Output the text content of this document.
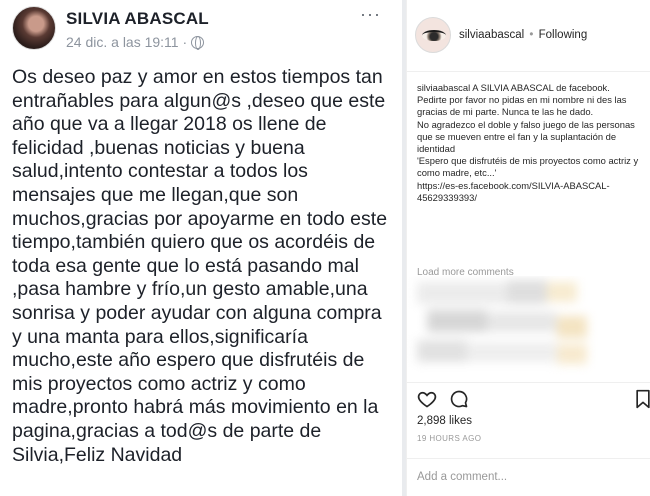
SILVIA ABASCAL
24 dic. a las 19:11 ·
···
Os deseo paz y amor en estos tiempos tan entrañables para algun@s ,deseo que este año que va a llegar 2018 os llene de felicidad ,buenas noticias y buena salud,intento contestar a todos los mensajes que me llegan,que son muchos,gracias por apoyarme en todo este tiempo,también quiero que os acordéis de toda esa gente que lo está pasando mal ,pasa hambre y frío,un gesto amable,una sonrisa y poder ayudar con alguna compra y una manta para ellos,significaría mucho,este año espero que disfrutéis de mis proyectos como actriz y como madre,pronto habrá más movimiento en la pagina,gracias a tod@s de parte de Silvia,Feliz Navidad
silviaabascal • Following

silviaabascal A SILVIA ABASCAL de facebook.

Pedirte por favor no pidas en mi nombre ni des las gracias de mi parte. Nunca te las he dado.

No agradezco el doble y falso juego de las personas que se mueven entre el fan y la suplantación de identidad

'Espero que disfrutéis de mis proyectos como actriz y como madre, etc...'

https://es-es.facebook.com/SILVIA-ABASCAL-45629339393/

Load more comments
2,898 likes
19 HOURS AGO
Add a comment...
